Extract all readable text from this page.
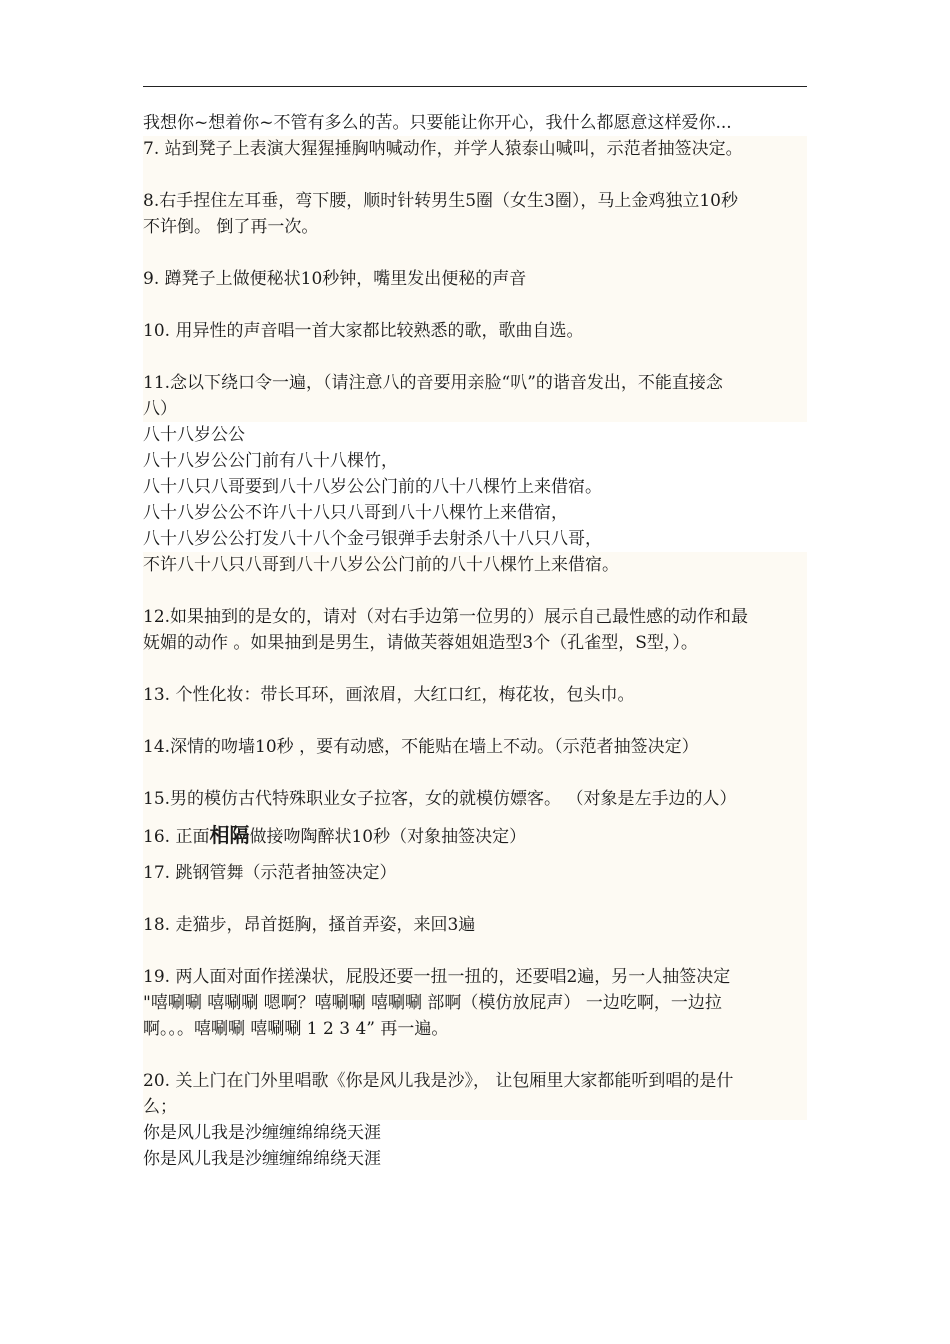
我想你~想着你~不管有多么的苦。只要能让你开心，我什么都愿意这样爱你...
7. 站到凳子上表演大猩猩捶胸呐喊动作，并学人猿泰山喊叫，示范者抽签决定。
8.右手捏住左耳垂，弯下腰，顺时针转男生5圈（女生3圈），马上金鸡独立10秒
不许倒。 倒了再一次。
9. 蹲凳子上做便秘状10秒钟，嘴里发出便秘的声音
10. 用异性的声音唱一首大家都比较熟悉的歌，歌曲自选。
11.念以下绕口令一遍，（请注意八的音要用亲脸“叭”的谐音发出，不能直接念
八）
八十八岁公公
八十八岁公公门前有八十八棵竹，
八十八只八哥要到八十八岁公公门前的八十八棵竹上来借宿。
八十八岁公公不许八十八只八哥到八十八棵竹上来借宿，
八十八岁公公打发八十八个金弓银弹手去射杀八十八只八哥，
不许八十八只八哥到八十八岁公公门前的八十八棵竹上来借宿。
12.如果抽到的是女的，请对（对右手边第一位男的）展示自己最性感的动作和最
妩媚的动作 。如果抽到是男生，请做芙蓉姐姐造型3个（孔雀型，S型，）。
13. 个性化妆：带长耳环，画浓眉，大红口红，梅花妆，包头巾。
14.深情的吻墙10秒 ，要有动感，不能贴在墙上不动。（示范者抽签决定）
15.男的模仿古代特殊职业女子拉客，女的就模仿嫖客。 （对象是左手边的人）
16. 正面相隔做接吻陶醉状10秒（对象抽签决定）
17. 跳钢管舞（示范者抽签决定）
18. 走猫步，昂首挺胸，搔首弄姿，来回3遍
19. 两人面对面作搓澡状，屁股还要一扭一扭的，还要唱2遍，另一人抽签决定
"嘻唰唰 嘻唰唰 嗯啊？嘻唰唰 嘻唰唰 部啊（模仿放屁声） 一边吃啊，一边拉
啊。。。嘻唰唰 嘻唰唰 1 2 3 4” 再一遍。
20. 关上门在门外里唱歌《你是风儿我是沙》， 让包厢里大家都能听到唱的是什
么；
你是风儿我是沙缠缠绵绵绕天涯
你是风儿我是沙缠缠绵绵绕天涯
